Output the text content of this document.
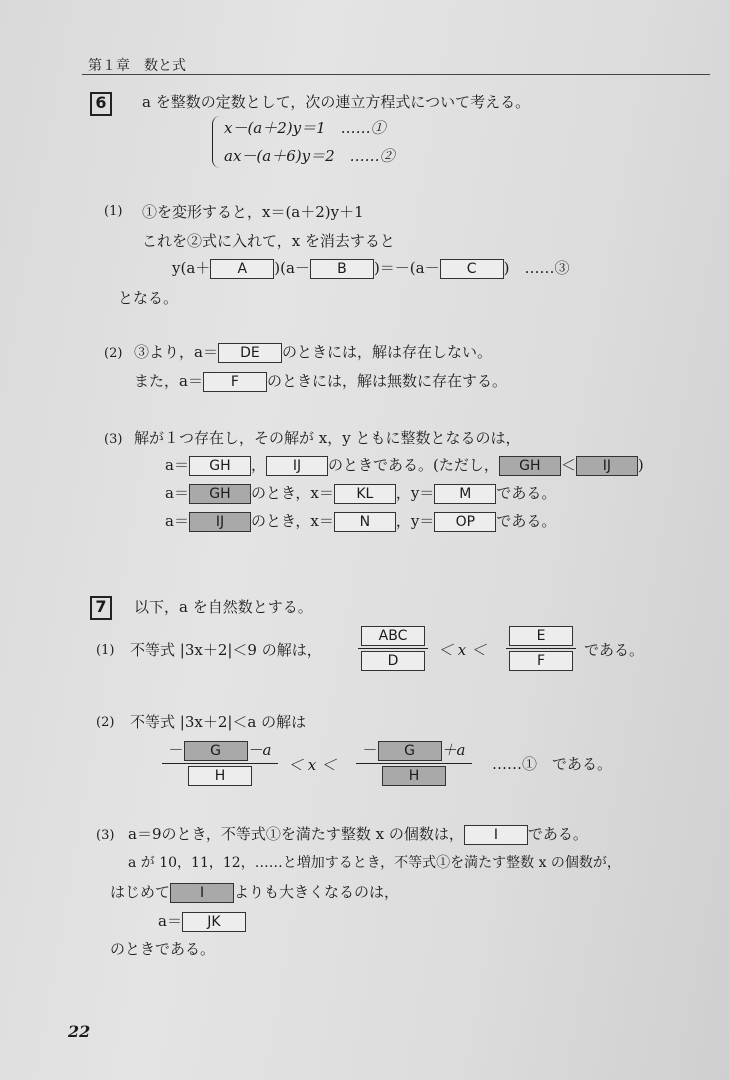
第１章　数と式
6	a を整数の定数として，次の連立方程式について考える。
x－(a＋2)y＝1　……①
ax－(a＋6)y＝2　……②
(1) ①を変形すると，x＝(a＋2)y＋1
これを②式に入れて，x を消去すると
y(a＋ A )(a－ B )＝－(a－ C )　……③
となる。
(2) ③より，a＝ DE のときには，解は存在しない。
また，a＝ F のときには，解は無数に存在する。
(3) 解が１つ存在し，その解が x，y ともに整数となるのは，
a＝ GH ， IJ のときである。(ただし， GH ＜ IJ )
a＝ GH のとき，x＝ KL ，y＝ M である。
a＝ IJ のとき，x＝ N ，y＝ OP である。
7	以下，a を自然数とする。
(1) 不等式 |3x＋2|＜9 の解は，
ABC
D
＜ $x < \frac{E}{F}$ である。
(2) 不等式 |3x＋2|＜a の解は
$\frac{- G -a}{H} < x < \frac{- G +a}{H}$ ……①　である。
(3) a＝9のとき，不等式①を満たす整数 x の個数は， I である。
a が 10，11，12，……と増加するとき，不等式①を満たす整数 x の個数が，
はじめて I よりも大きくなるのは，
a＝ JK
のときである。
22
